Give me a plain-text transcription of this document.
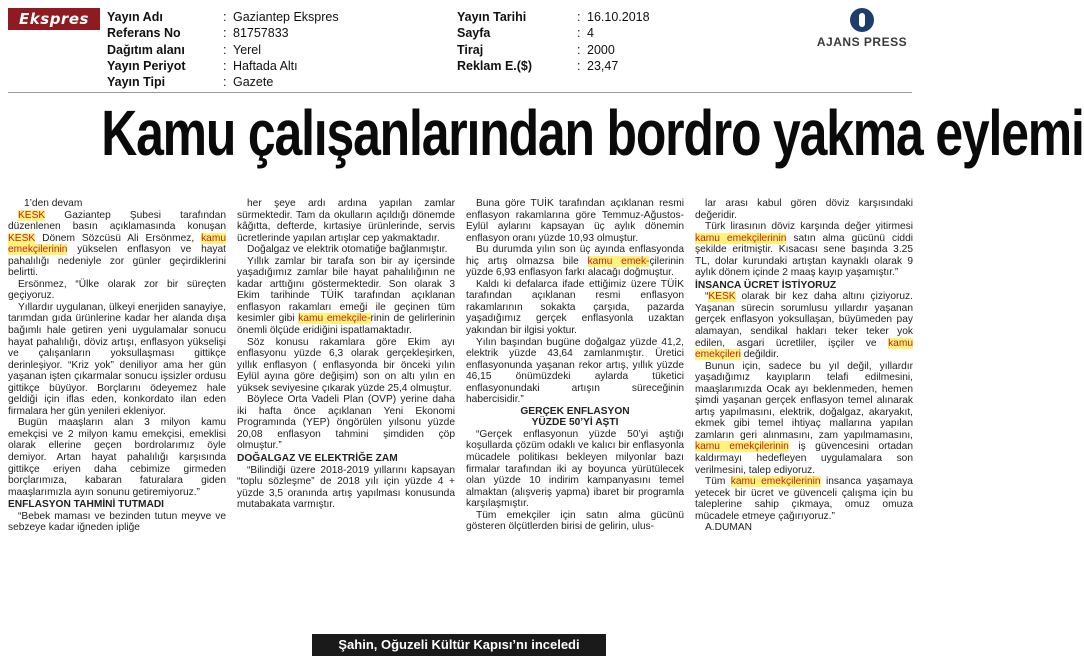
Ekspres	Yayın Adı	: Gaziantep Ekspres
Referans No	: 81757833
Dağıtım alanı	: Yerel
Yayın Periyot	: Haftada Altı
Yayın Tipi	: Gazete
Yayın Tarihi	: 16.10.2018
Sayfa	: 4
Tiraj	: 2000
Reklam E.($)	: 23,47
AJANS PRESS
Kamu çalışanlarından bordro yakma eylemi

1’den devam

KESK Gaziantep Şubesi tarafından düzenlenen basın açıklamasında konuşan KESK Dönem Sözcüsü Ali Ersönmez, kamu emekçilerinin yükselen enflasyon ve hayat pahalılığı nedeniyle zor günler geçirdiklerini belirtti.

Ersönmez, “Ülke olarak zor bir süreçten geçiyoruz.

Yıllardır uygulanan, ülkeyi enerjiden sanayiye, tarımdan gıda ürünlerine kadar her alanda dışa bağımlı hale getiren yeni uygulamalar sonucu hayat pahalılığı, döviz artışı, enflasyon yükselişi ve çalışanların yoksullaşması gittikçe derinleşiyor. “Kriz yok” deniliyor ama her gün yaşanan işten çıkarmalar sonucu işsizler ordusu gittikçe büyüyor. Borçlarını ödeyemez hale geldiği için iflas eden, konkordato ilan eden firmalara her gün yenileri ekleniyor.

Bugün maaşların alan 3 milyon kamu emekçisi ve 2 milyon kamu emekçisi, emeklisi olarak ellerine geçen bordrolarımız öyle demiyor. Artan hayat pahalılığı karşısında gittikçe eriyen daha cebimize girmeden borçlarımıza, kabaran faturalara giden maaşlarımızla ayın sonunu getiremiyoruz.”

ENFLASYON TAHMİNİ TUTMADI

“Bebek maması ve bezinden tutun meyve ve sebzeye kadar iğneden ipliğe

her şeye ardı ardına yapılan zamlar sürmektedir. Tam da okulların açıldığı dönemde kâğıtta, defterde, kırtasiye ürünlerinde, servis ücretlerinde yapılan artışlar cep yakmaktadır.

Doğalgaz ve elektrik otomatiğe bağlanmıştır.

Yıllık zamlar bir tarafa son bir ay içersinde yaşadığımız zamlar bile hayat pahalılığının ne kadar arttığını göstermektedir. Son olarak 3 Ekim tarihinde TÜİK tarafından açıklanan enflasyon rakamları emeği ile geçinen tüm kesimler gibi kamu emekçile-rinin de gelirlerinin önemli ölçüde eridiğini ispatlamaktadır.

Söz konusu rakamlara göre Ekim ayı enflasyonu yüzde 6,3 olarak gerçekleşirken, yıllık enflasyon ( enflasyonda bir önceki yılın Eylül ayına göre değişim) son on altı yılın en yüksek seviyesine çıkarak yüzde 25,4 olmuştur.

Böylece Orta Vadeli Plan (OVP) yerine daha iki hafta önce açıklanan Yeni Ekonomi Programında (YEP) öngörülen yılsonu yüzde 20,08 enflasyon tahmini şimdiden çöp olmuştur.”

DOĞALGAZ VE ELEKTRİĞE ZAM

“Bilindiği üzere 2018-2019 yıllarını kapsayan “toplu sözleşme” de 2018 yılı için yüzde 4 + yüzde 3,5 oranında artış yapılması konusunda mutabakata varmıştır.

Buna göre TUİK tarafından açıklanan resmi enflasyon rakamlarına göre Temmuz-Ağustos-Eylül aylarını kapsayan üç aylık dönemin enflasyon oranı yüzde 10,93 olmuştur.

Bu durumda yılın son üç ayında enflasyonda hiç artış olmazsa bile kamu emek-çilerinin yüzde 6,93 enflasyon farkı alacağı doğmuştur.

Kaldı ki defalarca ifade ettiğimiz üzere TÜİK tarafından açıklanan resmi enflasyon rakamlarının sokakta çarşıda, pazarda yaşadığımız gerçek enflasyonla uzaktan yakından bir ilgisi yoktur.

Yılın başından bugüne doğalgaz yüzde 41,2, elektrik yüzde 43,64 zamlanmıştır. Üretici enflasyonunda yaşanan rekor artış, yıllık yüzde 46,15 önümüzdeki aylarda tüketici enflasyonundaki artışın süreceğinin habercisidir.”

GERÇEK ENFLASYON

YÜZDE 50’Yİ AŞTI

“Gerçek enflasyonun yüzde 50’yi aştığı koşullarda çözüm odaklı ve kalıcı bir enflasyonla mücadele politikası bekleyen milyonlar bazı firmalar tarafından iki ay boyunca yürütülecek olan yüzde 10 indirim kampanyasını temel almaktan (alışveriş yapma) ibaret bir programla karşılaşmıştır.

Tüm emekçiler için satın alma gücünü gösteren ölçütlerden birisi de gelirin, ulus-

lar arası kabul gören döviz karşısındaki değeridir.

Türk lirasının döviz karşında değer yitirmesi kamu emekçilerinin satın alma gücünü ciddi şekilde eritmiştir. Kısacası sene başında 3.25 TL, dolar kurundaki artıştan kaynaklı olarak 9 aylık dönem içinde 2 maaş kayıp yaşamıştır.”

İNSANCA ÜCRET İSTİYORUZ

“KESK olarak bir kez daha altını çiziyoruz. Yaşanan sürecin sorumlusu yıllardır yaşanan gerçek enflasyon yoksullaşan, büyümeden pay alamayan, sendikal hakları teker teker yok edilen, asgari ücretliler, işçiler ve kamu emekçileri değildir.

Bunun için, sadece bu yıl değil, yıllardır yaşadığımız kayıpların telafi edilmesini, maaşlarımızda Ocak ayı beklenmeden, hemen şimdi yaşanan gerçek enflasyon temel alınarak artış yapılmasını, elektrik, doğalgaz, akaryakıt, ekmek gibi temel ihtiyaç mallarına yapılan zamların geri alınmasını, zam yapılmamasını, kamu emekçilerinin iş güvencesini ortadan kaldırmayı hedefleyen uygulamalara son verilmesini, talep ediyoruz.

Tüm kamu emekçilerinin insanca yaşamaya yetecek bir ücret ve güvenceli çalışma için bu taleplerine sahip çıkmaya, omuz omuza mücadele etmeye çağırıyoruz.”

A.DUMAN

Şahin, Oğuzeli Kültür Kapısı’nı inceledi
